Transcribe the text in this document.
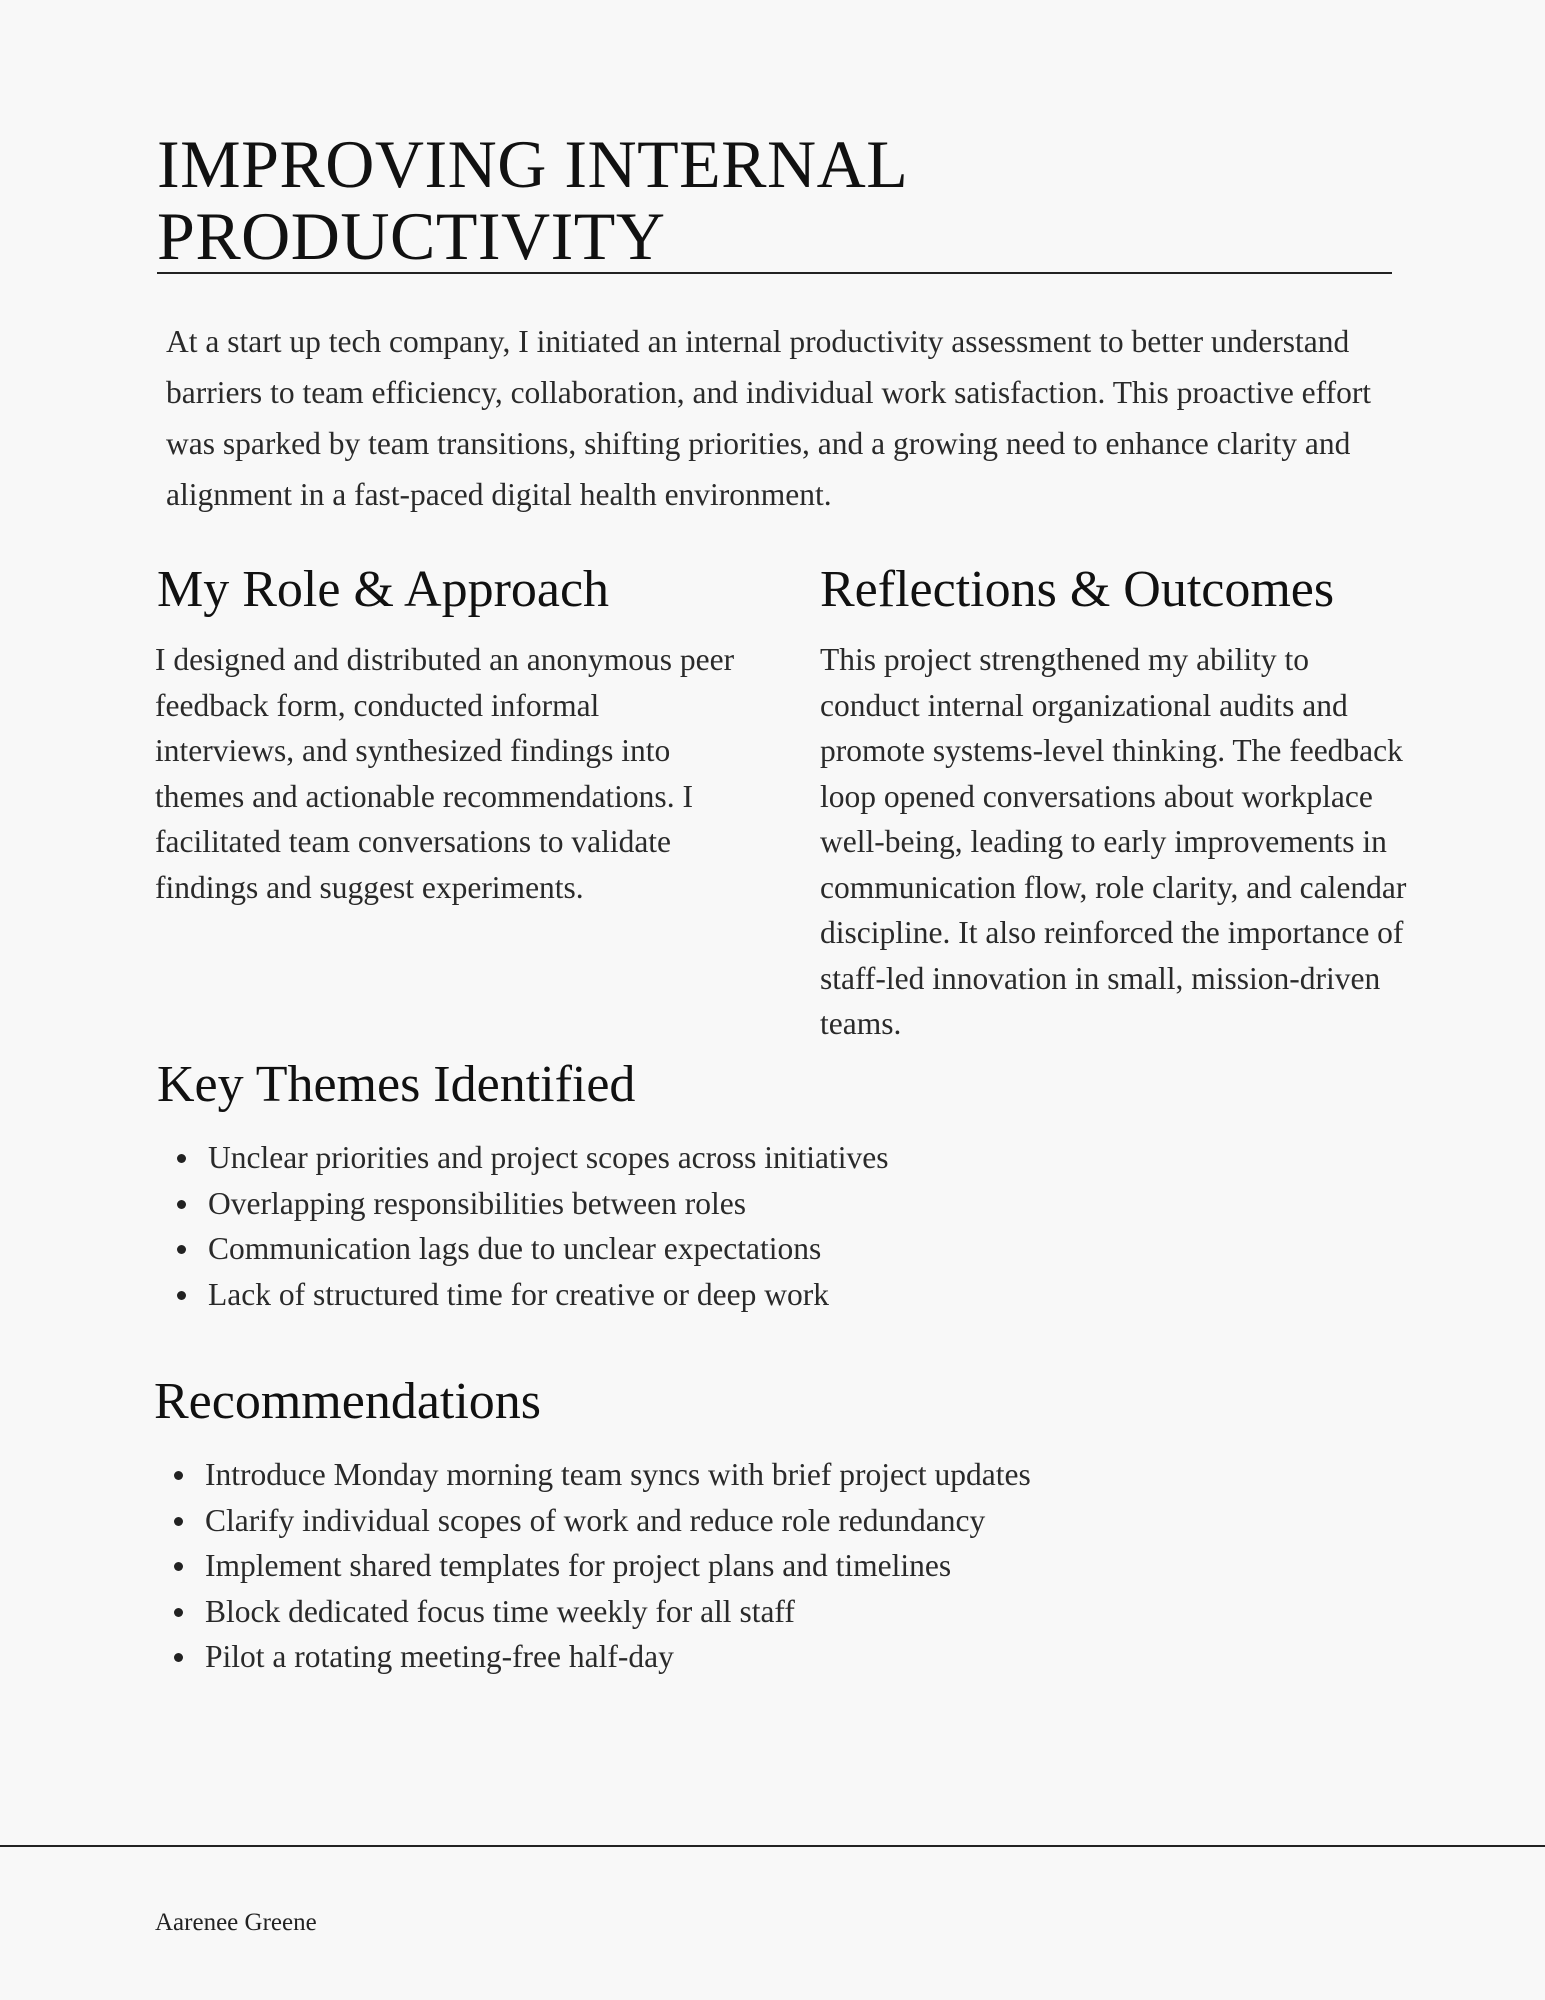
IMPROVING INTERNAL PRODUCTIVITY

At a start up tech company, I initiated an internal productivity assessment to better understand barriers to team efficiency, collaboration, and individual work satisfaction. This proactive effort was sparked by team transitions, shifting priorities, and a growing need to enhance clarity and alignment in a fast-paced digital health environment.

My Role & Approach

I designed and distributed an anonymous peer feedback form, conducted informal interviews, and synthesized findings into themes and actionable recommendations. I facilitated team conversations to validate findings and suggest experiments.

Reflections & Outcomes

This project strengthened my ability to conduct internal organizational audits and promote systems-level thinking. The feedback loop opened conversations about workplace well-being, leading to early improvements in communication flow, role clarity, and calendar discipline. It also reinforced the importance of staff-led innovation in small, mission-driven teams.

Key Themes Identified
Unclear priorities and project scopes across initiatives
Overlapping responsibilities between roles
Communication lags due to unclear expectations
Lack of structured time for creative or deep work
Recommendations
Introduce Monday morning team syncs with brief project updates
Clarify individual scopes of work and reduce role redundancy
Implement shared templates for project plans and timelines
Block dedicated focus time weekly for all staff
Pilot a rotating meeting-free half-day

Aarenee Greene
